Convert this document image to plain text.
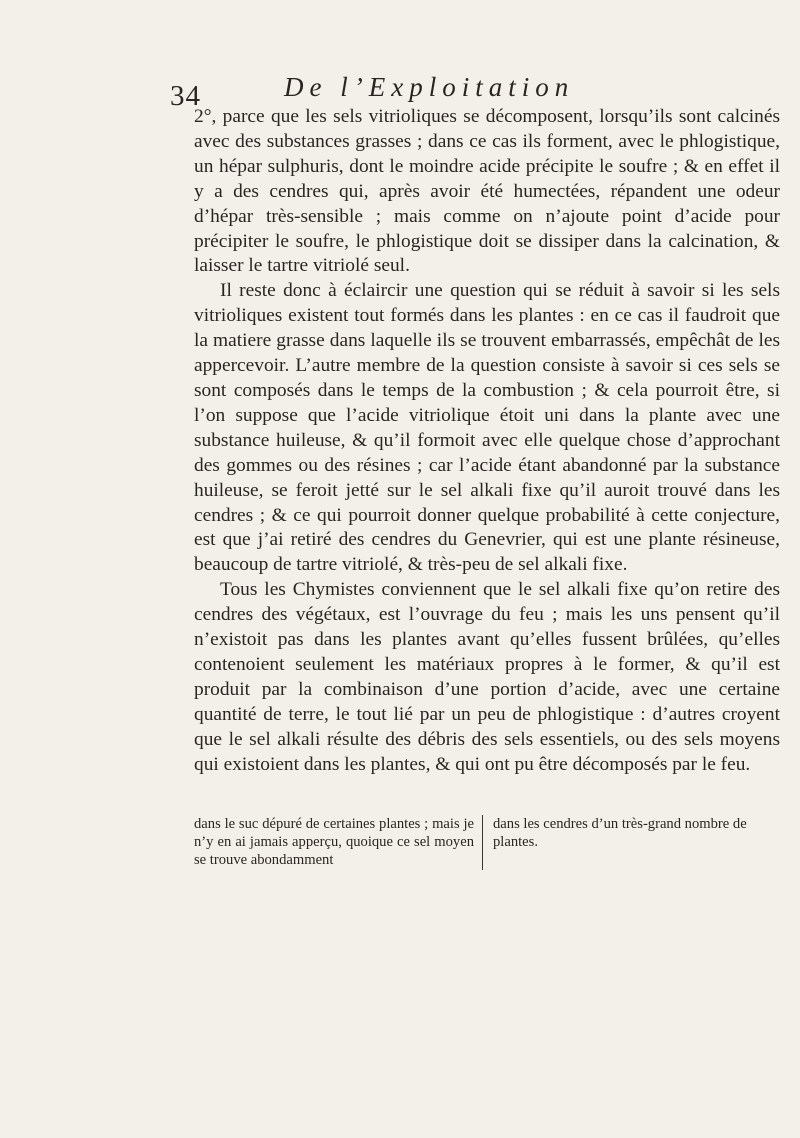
34	De l’Exploitation

2°, parce que les sels vitrioliques se décomposent, lorsqu’ils sont calcinés avec des substances grasses ; dans ce cas ils forment, avec le phlogistique, un hépar sulphuris, dont le moindre acide précipite le soufre ; & en effet il y a des cendres qui, après avoir été humectées, répandent une odeur d’hépar très-sensible ; mais comme on n’ajoute point d’acide pour précipiter le soufre, le phlogistique doit se dissiper dans la calcination, & laisser le tartre vitriolé seul.

Il reste donc à éclaircir une question qui se réduit à savoir si les sels vitrioliques existent tout formés dans les plantes : en ce cas il faudroit que la matiere grasse dans laquelle ils se trouvent embarrassés, empêchât de les appercevoir. L’autre membre de la question consiste à savoir si ces sels se sont composés dans le temps de la combustion ; & cela pourroit être, si l’on suppose que l’acide vitriolique étoit uni dans la plante avec une substance huileuse, & qu’il formoit avec elle quelque chose d’approchant des gommes ou des résines ; car l’acide étant abandonné par la substance huileuse, se feroit jetté sur le sel alkali fixe qu’il auroit trouvé dans les cendres ; & ce qui pourroit donner quelque probabilité à cette conjecture, est que j’ai retiré des cendres du Genevrier, qui est une plante résineuse, beaucoup de tartre vitriolé, & très-peu de sel alkali fixe.

Tous les Chymistes conviennent que le sel alkali fixe qu’on retire des cendres des végétaux, est l’ouvrage du feu ; mais les uns pensent qu’il n’existoit pas dans les plantes avant qu’elles fussent brûlées, qu’elles contenoient seulement les matériaux propres à le former, & qu’il est produit par la combinaison d’une portion d’acide, avec une certaine quantité de terre, le tout lié par un peu de phlogistique : d’autres croyent que le sel alkali résulte des débris des sels essentiels, ou des sels moyens qui existoient dans les plantes, & qui ont pu être décomposés par le feu.

dans le suc dépuré de certaines plantes ; mais je n’y en ai jamais apperçu, quoique ce sel moyen se trouve abondamment
dans les cendres d’un très-grand nombre de plantes.
